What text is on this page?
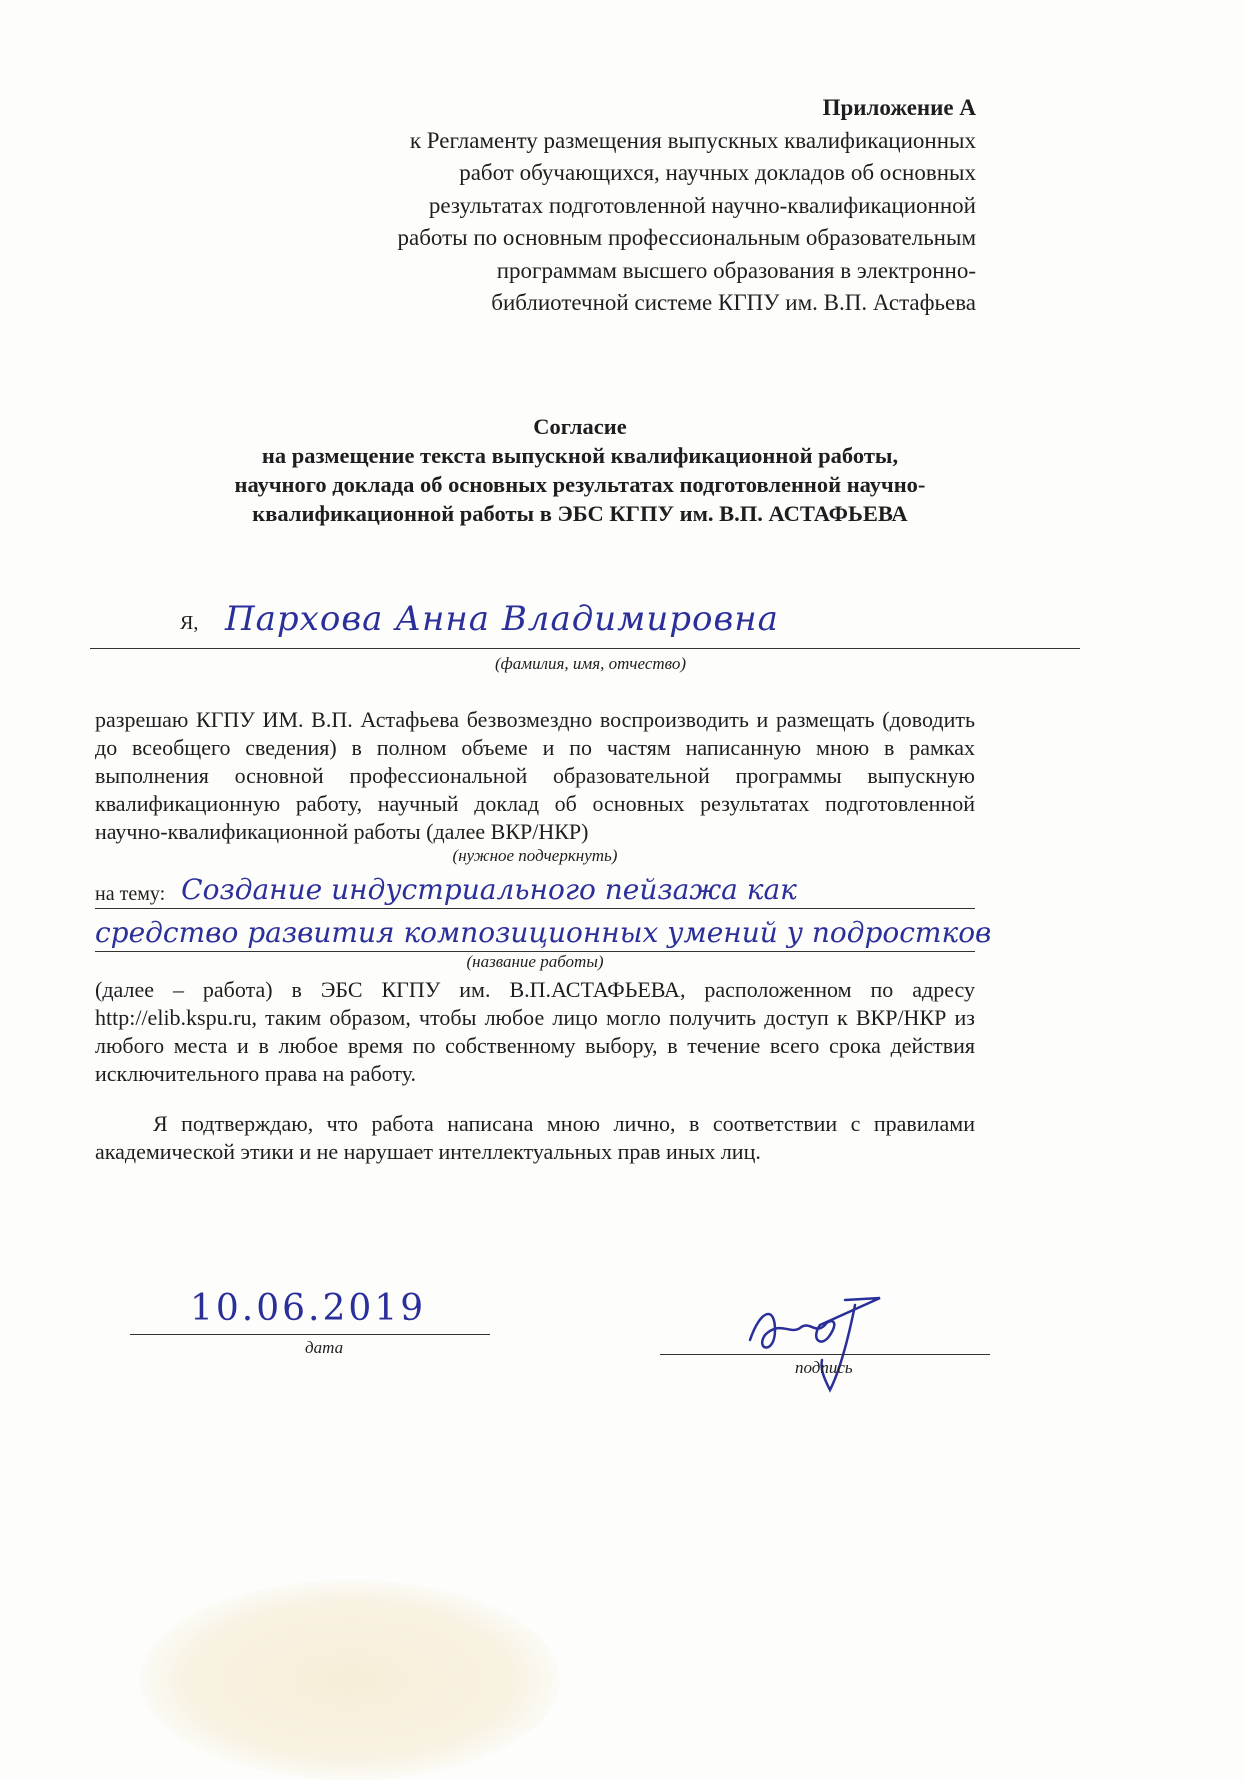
Приложение А
к Регламенту размещения выпускных квалификационных
работ обучающихся, научных докладов об основных
результатах подготовленной научно-квалификационной
работы по основным профессиональным образовательным
программам высшего образования в электронно-
библиотечной системе КГПУ им. В.П. Астафьева
Согласие
на размещение текста выпускной квалификационной работы,
научного доклада об основных результатах подготовленной научно-
квалификационной работы в ЭБС КГПУ им. В.П. АСТАФЬЕВА
Я, Пархова Анна Владимировна
(фамилия, имя, отчество)

разрешаю КГПУ ИМ. В.П. Астафьева безвозмездно воспроизводить и размещать (доводить до всеобщего сведения) в полном объеме и по частям написанную мною в рамках выполнения основной профессиональной образовательной программы выпускную квалификационную работу, научный доклад об основных результатах подготовленной научно-квалификационной работы (далее ВКР/НКР)

(нужное подчеркнуть)
на тему: Создание индустриального пейзажа как
средство развития композиционных умений у подростков
(название работы)

(далее – работа) в ЭБС КГПУ им. В.П.АСТАФЬЕВА, расположенном по адресу http://elib.kspu.ru, таким образом, чтобы любое лицо могло получить доступ к ВКР/НКР из любого места и в любое время по собственному выбору, в течение всего срока действия исключительного права на работу.

Я подтверждаю, что работа написана мною лично, в соответствии с правилами академической этики и не нарушает интеллектуальных прав иных лиц.

10.06.2019
дата
подпись
